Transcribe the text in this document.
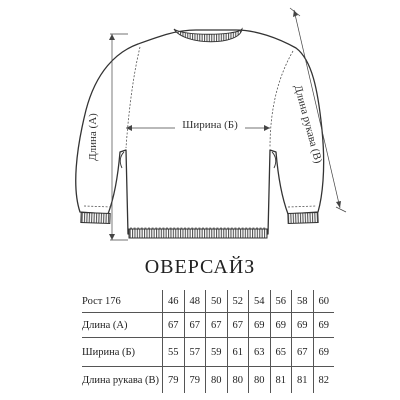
Ширина (Б)
Длина (А)	Длина рукава (В)
ОВЕРСАЙЗ
Рост 176	46	48	50	52	54	56	58	60
Длина (А)	67	67	67	67	69	69	69	69
Ширина (Б)	55	57	59	61	63	65	67	69
Длина рукава (В)	79	79	80	80	80	81	81	82
